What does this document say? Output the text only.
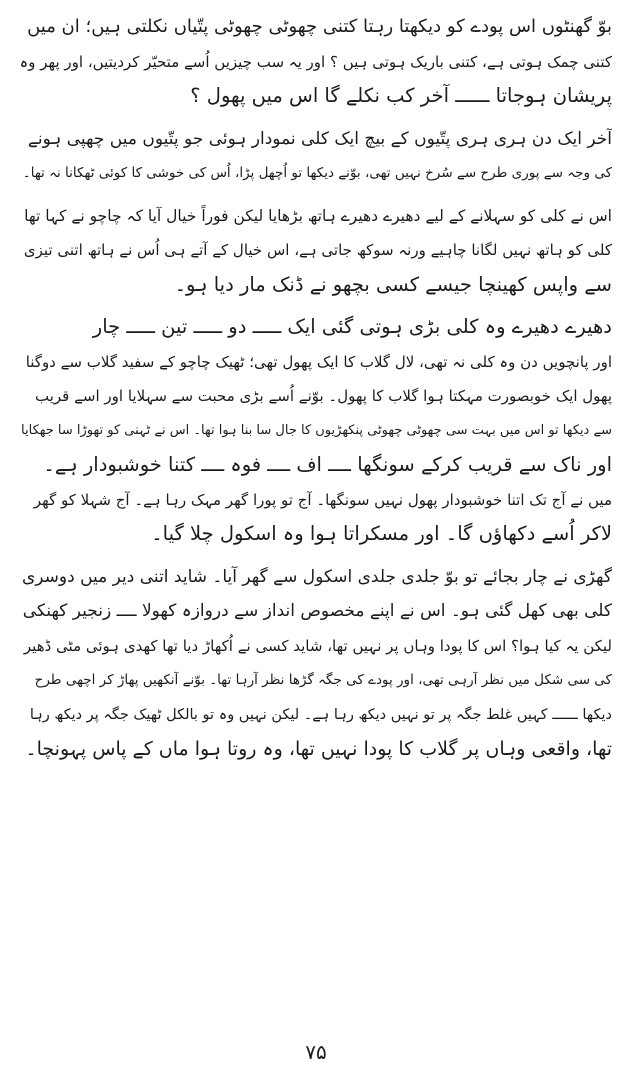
بوّ گھنٹوں اس پودے کو دیکھتا رہتا کتنی چھوٹی چھوٹی پتّیاں نکلتی ہیں؛ ان میں
کتنی چمک ہوتی ہے، کتنی باریک ہوتی ہیں ؟ اور یہ سب چیزیں اُسے متحیّر کردیتیں، اور پھر وہ
پریشان ہوجاتا ــــــ آخر کب نکلے گا اس میں پھول ؟
آخر ایک دن ہری ہری پتّیوں کے بیچ ایک کلی نمودار ہوئی جو پتّیوں میں چھپی ہونے
کی وجہ سے پوری طرح سے سُرخ نہیں تھی، بوّنے دیکھا تو اُچھل پڑا، اُس کی خوشی کا کوئی ٹھکانا نہ تھا۔
اس نے کلی کو سہلانے کے لیے دھیرے دھیرے ہاتھ بڑھایا لیکن فوراً خیال آیا کہ چاچو نے کہا تھا
کلی کو ہاتھ نہیں لگانا چاہیے ورنہ سوکھ جاتی ہے، اس خیال کے آتے ہی اُس نے ہاتھ اتنی تیزی
سے واپس کھینچا جیسے کسی بچھو نے ڈنک مار دیا ہو۔
دھیرے دھیرے وہ کلی بڑی ہوتی گئی ایک ـــــ دو ـــــ تین ـــــ چار
اور پانچویں دن وہ کلی نہ تھی، لال گلاب کا ایک پھول تھی؛ ٹھیک چاچو کے سفید گلاب سے دوگنا
پھول ایک خوبصورت مہکتا ہوا گلاب کا پھول۔ بوّنے اُسے بڑی محبت سے سہلایا اور اسے قریب
سے دیکھا تو اس میں بہت سی چھوٹی چھوٹی پنکھڑیوں کا جال سا بنا ہوا تھا۔ اس نے ٹہنی کو تھوڑا سا جھکایا
اور ناک سے قریب کرکے سونگھا ــــ اف ــــ فوہ ــــ کتنا خوشبودار ہے۔
میں نے آج تک اتنا خوشبودار پھول نہیں سونگھا۔ آج تو پورا گھر مہک رہا ہے۔ آج شہلا کو گھر
لاکر اُسے دکھاؤں گا۔ اور مسکراتا ہوا وہ اسکول چلا گیا۔
گھڑی نے چار بجائے تو بوّ جلدی جلدی اسکول سے گھر آیا۔ شاید اتنی دیر میں دوسری
کلی بھی کھل گئی ہو۔ اس نے اپنے مخصوص انداز سے دروازہ کھولا ــــ زنجیر کھنکی
لیکن یہ کیا ہوا؟ اس کا پودا وہاں پر نہیں تھا، شاید کسی نے اُکھاڑ دیا تھا کھدی ہوئی مٹی ڈھیر
کی سی شکل میں نظر آرہی تھی، اور پودے کی جگہ گڑھا نظر آرہا تھا۔ بوّنے آنکھیں پھاڑ کر اچھی طرح
دیکھا ــــــ کہیں غلط جگہ پر تو نہیں دیکھ رہا ہے۔ لیکن نہیں وہ تو بالکل ٹھیک جگہ پر دیکھ رہا
تھا، واقعی وہاں پر گلاب کا پودا نہیں تھا، وہ روتا ہوا ماں کے پاس پہونچا۔
٧۵
